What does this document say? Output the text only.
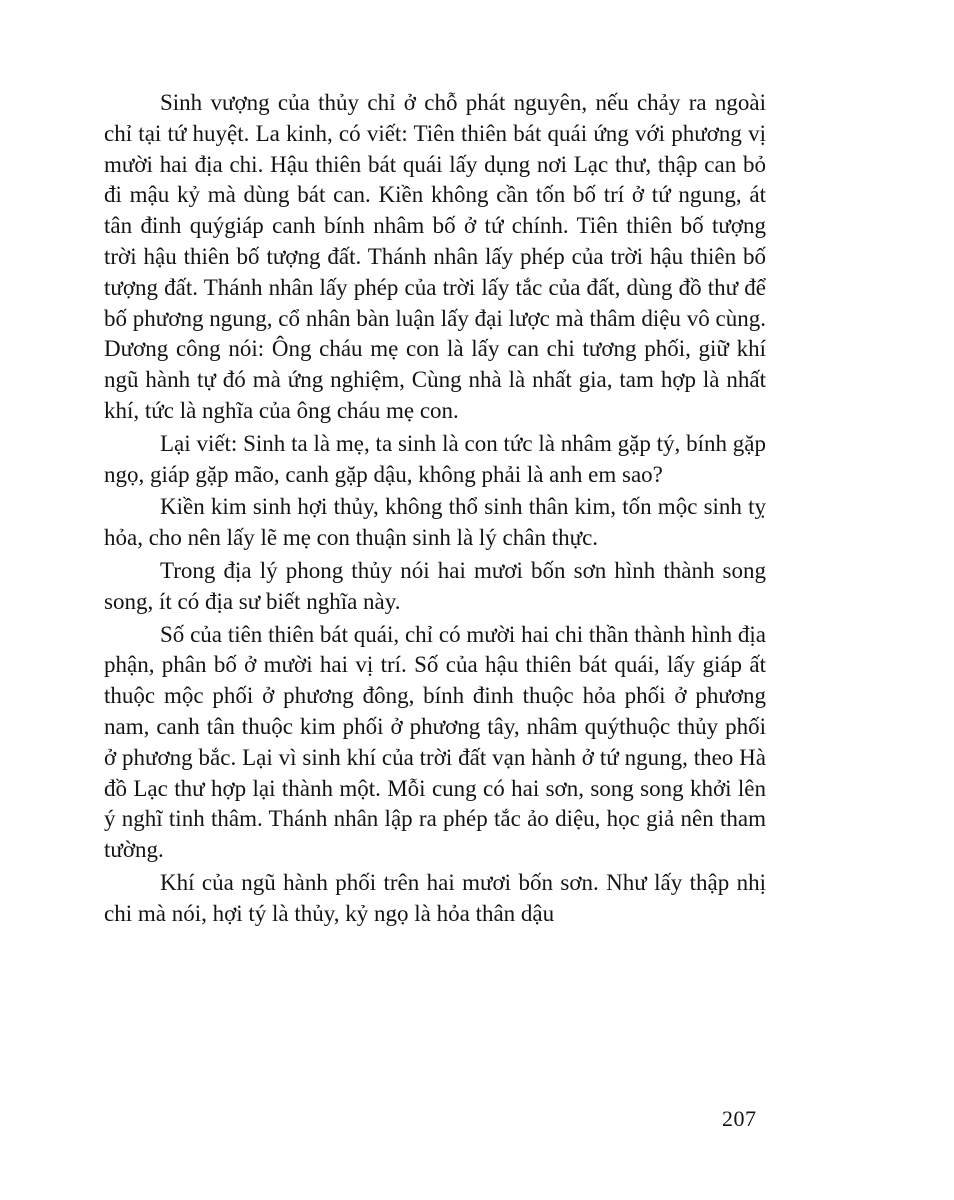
Sinh vượng của thủy chỉ ở chỗ phát nguyên, nếu chảy ra ngoài chỉ tại tứ huyệt. La kinh, có viết: Tiên thiên bát quái ứng với phương vị mười hai địa chi. Hậu thiên bát quái lấy dụng nơi Lạc thư, thập can bỏ đi mậu kỷ mà dùng bát can. Kiền không cần tốn bố trí ở tứ ngung, át tân đinh quýgiáp canh bính nhâm bố ở tứ chính. Tiên thiên bố tượng trời hậu thiên bố tượng đất. Thánh nhân lấy phép của trời hậu thiên bố tượng đất. Thánh nhân lấy phép của trời lấy tắc của đất, dùng đồ thư để bố phương ngung, cổ nhân bàn luận lấy đại lược mà thâm diệu vô cùng. Dương công nói: Ông cháu mẹ con là lấy can chi tương phối, giữ khí ngũ hành tự đó mà ứng nghiệm, Cùng nhà là nhất gia, tam hợp là nhất khí, tức là nghĩa của ông cháu mẹ con.

Lại viết: Sinh ta là mẹ, ta sinh là con tức là nhâm gặp tý, bính gặp ngọ, giáp gặp mão, canh gặp dậu, không phải là anh em sao?

Kiền kim sinh hợi thủy, không thổ sinh thân kim, tốn mộc sinh tỵ hỏa, cho nên lấy lẽ mẹ con thuận sinh là lý chân thực.

Trong địa lý phong thủy nói hai mươi bốn sơn hình thành song song, ít có địa sư biết nghĩa này.

Số của tiên thiên bát quái, chỉ có mười hai chi thần thành hình địa phận, phân bố ở mười hai vị trí. Số của hậu thiên bát quái, lấy giáp ất thuộc mộc phối ở phương đông, bính đinh thuộc hỏa phối ở phương nam, canh tân thuộc kim phối ở phương tây, nhâm quýthuộc thủy phối ở phương bắc. Lại vì sinh khí của trời đất vạn hành ở tứ ngung, theo Hà đồ Lạc thư hợp lại thành một. Mỗi cung có hai sơn, song song khởi lên ý nghĩ tinh thâm. Thánh nhân lập ra phép tắc ảo diệu, học giả nên tham tường.

Khí của ngũ hành phối trên hai mươi bốn sơn. Như lấy thập nhị chi mà nói, hợi tý là thủy, kỷ ngọ là hỏa thân dậu

207
